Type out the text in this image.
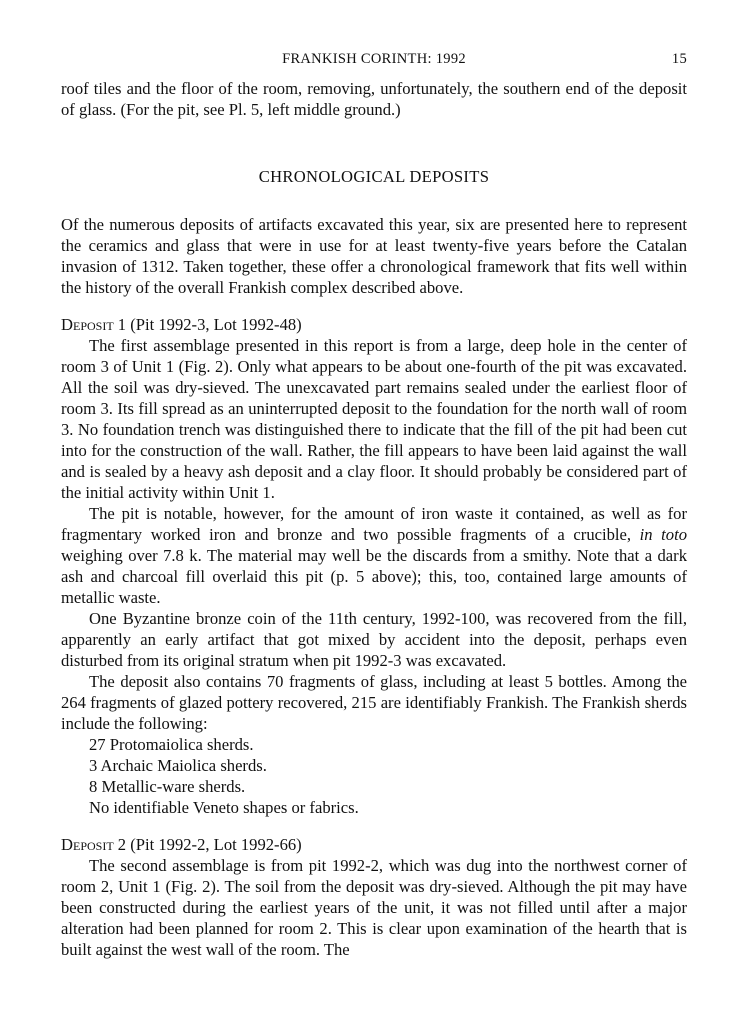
FRANKISH CORINTH: 1992	15

roof tiles and the floor of the room, removing, unfortunately, the southern end of the deposit of glass. (For the pit, see Pl. 5, left middle ground.)

CHRONOLOGICAL DEPOSITS

Of the numerous deposits of artifacts excavated this year, six are presented here to represent the ceramics and glass that were in use for at least twenty-five years before the Catalan invasion of 1312. Taken together, these offer a chronological framework that fits well within the history of the overall Frankish complex described above.

Deposit 1 (Pit 1992-3, Lot 1992-48)

The first assemblage presented in this report is from a large, deep hole in the center of room 3 of Unit 1 (Fig. 2). Only what appears to be about one-fourth of the pit was excavated. All the soil was dry-sieved. The unexcavated part remains sealed under the earliest floor of room 3. Its fill spread as an uninterrupted deposit to the foundation for the north wall of room 3. No foundation trench was distinguished there to indicate that the fill of the pit had been cut into for the construction of the wall. Rather, the fill appears to have been laid against the wall and is sealed by a heavy ash deposit and a clay floor. It should probably be considered part of the initial activity within Unit 1.

The pit is notable, however, for the amount of iron waste it contained, as well as for fragmentary worked iron and bronze and two possible fragments of a crucible, in toto weighing over 7.8 k. The material may well be the discards from a smithy. Note that a dark ash and charcoal fill overlaid this pit (p. 5 above); this, too, contained large amounts of metallic waste.

One Byzantine bronze coin of the 11th century, 1992-100, was recovered from the fill, apparently an early artifact that got mixed by accident into the deposit, perhaps even disturbed from its original stratum when pit 1992-3 was excavated.

The deposit also contains 70 fragments of glass, including at least 5 bottles. Among the 264 fragments of glazed pottery recovered, 215 are identifiably Frankish. The Frankish sherds include the following:

27 Protomaiolica sherds.
3 Archaic Maiolica sherds.
8 Metallic-ware sherds.
No identifiable Veneto shapes or fabrics.
Deposit 2 (Pit 1992-2, Lot 1992-66)

The second assemblage is from pit 1992-2, which was dug into the northwest corner of room 2, Unit 1 (Fig. 2). The soil from the deposit was dry-sieved. Although the pit may have been constructed during the earliest years of the unit, it was not filled until after a major alteration had been planned for room 2. This is clear upon examination of the hearth that is built against the west wall of the room. The
